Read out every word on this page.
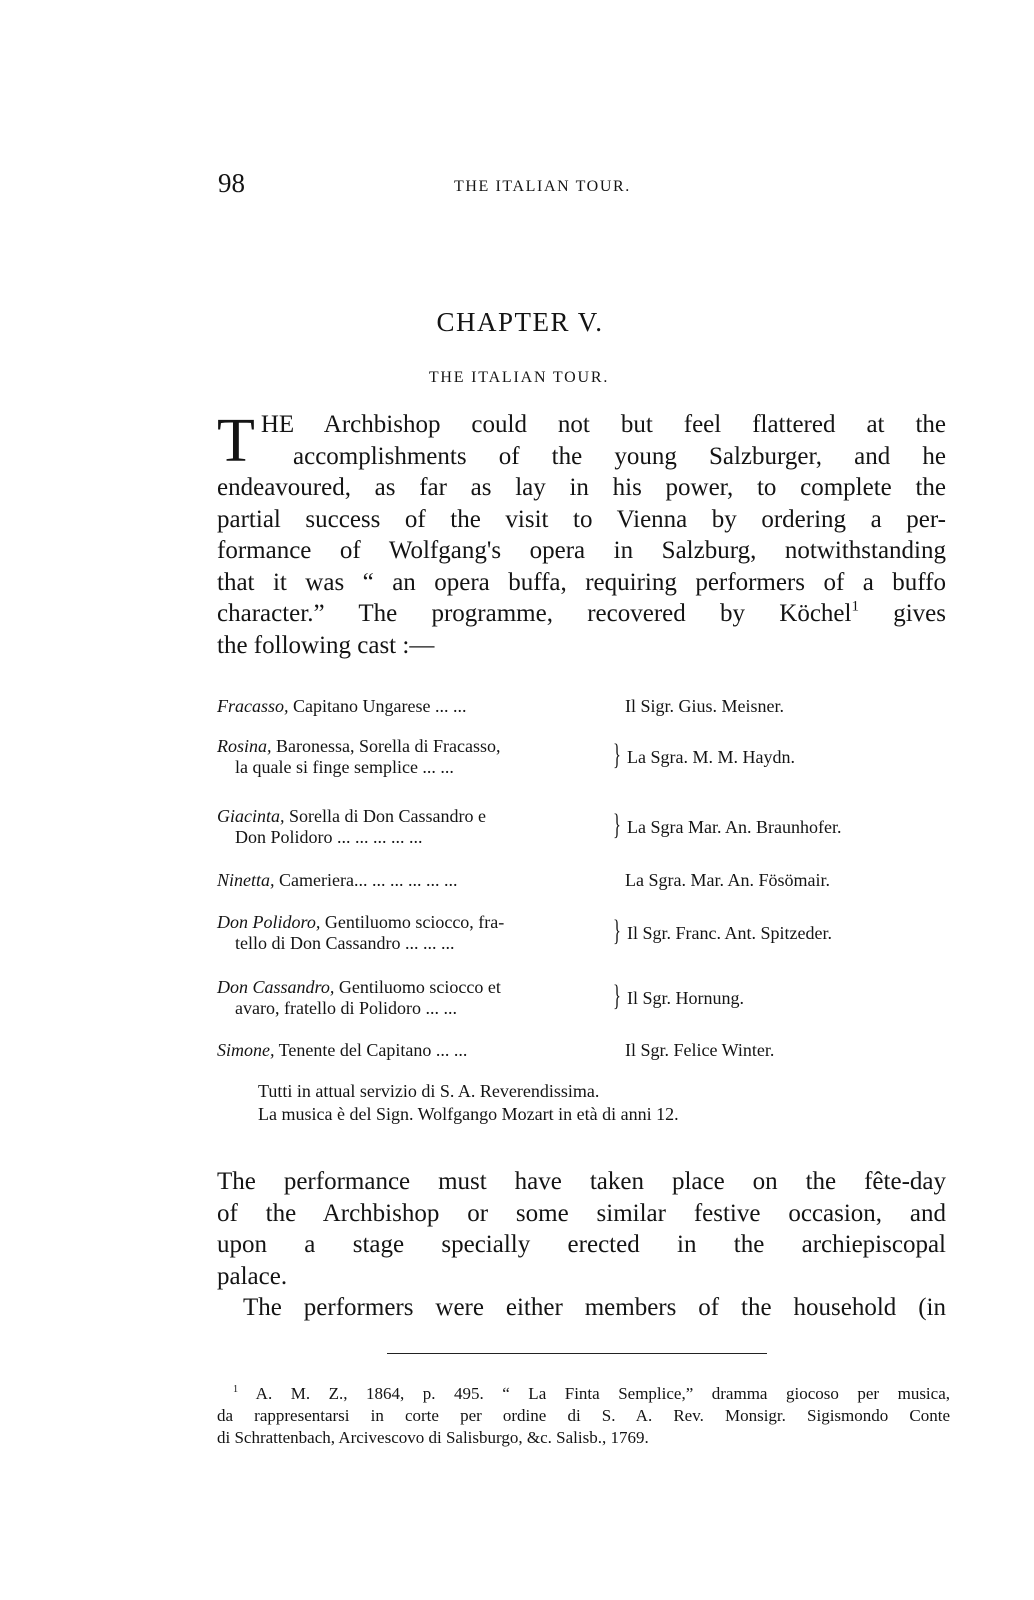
98	THE ITALIAN TOUR.
CHAPTER V.
THE ITALIAN TOUR.
T HE Archbishop could not but feel flattered at the
accomplishments of the young Salzburger, and he
endeavoured, as far as lay in his power, to complete the
partial success of the visit to Vienna by ordering a per-
formance of Wolfgang's opera in Salzburg, notwithstanding
that it was “ an opera buffa, requiring performers of a buffo
character.” The programme, recovered by Köchel$^1$ gives
the following cast :—
Fracasso, Capitano Ungarese ... ...	Il Sigr. Gius. Meisner.
Rosina, Baronessa, Sorella di Fracasso,
la quale si finge semplice ... ...	} La Sgra. M. M. Haydn.
Giacinta, Sorella di Don Cassandro e
Don Polidoro ... ... ... ... ...	} La Sgra Mar. An. Braunhofer.
Ninetta, Cameriera... ... ... ... ... ...	La Sgra. Mar. An. Fösömair.
Don Polidoro, Gentiluomo sciocco, fra-
tello di Don Cassandro ... ... ...	} Il Sgr. Franc. Ant. Spitzeder.
Don Cassandro, Gentiluomo sciocco et
avaro, fratello di Polidoro ... ...	} Il Sgr. Hornung.
Simone, Tenente del Capitano ... ...	Il Sgr. Felice Winter.
Tutti in attual servizio di S. A. Reverendissima.
La musica è del Sign. Wolfgango Mozart in età di anni 12.
The performance must have taken place on the fête-day
of the Archbishop or some similar festive occasion, and
upon a stage specially erected in the archiepiscopal
palace.
The performers were either members of the household (in
$^1$ A. M. Z., 1864, p. 495. “ La Finta Semplice,” dramma giocoso per musica,
da rappresentarsi in corte per ordine di S. A. Rev. Monsigr. Sigismondo Conte
di Schrattenbach, Arcivescovo di Salisburgo, &c. Salisb., 1769.
